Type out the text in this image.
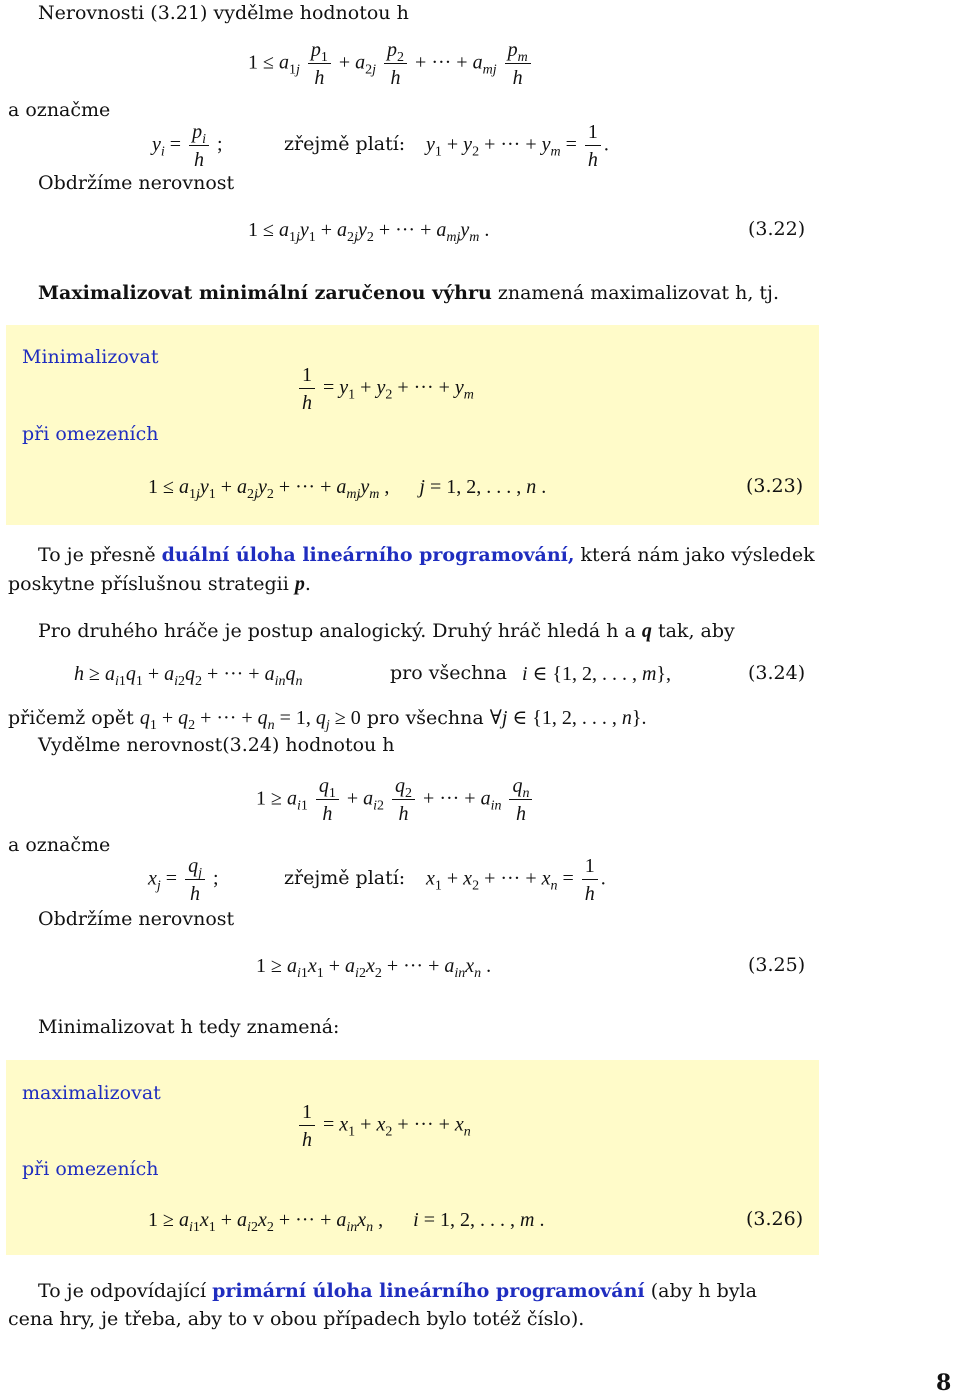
Nerovnosti (3.21) vydělme hodnotou h
$1 \le a_{1j} \frac{p_1}{h} + a_{2j} \frac{p_2}{h}$ + ··· + $a_{mj} \frac{p_m}{h}$
a označme
$y_i = \frac{p_i}{h}$ ;	zřejmě platí: $y_1 + y_2$ + ··· + $y_m = \frac{1}{h}$ .
Obdržíme nerovnost
$1 \le a_{1j}y_1 + a_{2j}y_2$ + ··· + $a_{mj}y_m$ .	(3.22)
Maximalizovat minimální zaručenou výhru znamená maximalizovat h, tj.
Minimalizovat
$\frac{1}{h} = y_1 + y_2$ + ··· + $y_m$
při omezeních
$1 \le a_{1j}y_1 + a_{2j}y_2$ + ··· + $a_{mj}y_m$ ,      j = 1, 2, . . . , n .	(3.23)
To je přesně duální úloha lineárního programování, která nám jako výsledek
poskytne příslušnou strategii p.
Pro druhého hráče je postup analogický. Druhý hráč hledá h a q tak, aby
$h \ge a_{i1}q_1 + a_{i2}q_2$ + ··· + $a_{in}q_n$	pro všechna i ∈ {1, 2, . . . , m},	(3.24)
přičemž opět $q_1 + q_2$ + ··· + $q_n = 1$, $q_j \ge 0$ pro všechna ∀j ∈ {1, 2, . . . , n}.
Vydělme nerovnost(3.24) hodnotou h
$1 \ge a_{i1} \frac{q_1}{h} + a_{i2} \frac{q_2}{h}$ + ··· + $a_{in} \frac{q_n}{h}$
a označme
$x_j = \frac{q_j}{h}$ ;	zřejmě platí: $x_1 + x_2$ + ··· + $x_n = \frac{1}{h}$ .
Obdržíme nerovnost
$1 \ge a_{i1}x_1 + a_{i2}x_2$ + ··· + $a_{in}x_n$ .	(3.25)
Minimalizovat h tedy znamená:
maximalizovat
$\frac{1}{h} = x_1 + x_2$ + ··· + $x_n$
při omezeních
$1 \ge a_{i1}x_1 + a_{i2}x_2$ + ··· + $a_{in}x_n$ ,      i = 1, 2, . . . , m .	(3.26)
To je odpovídající primární úloha lineárního programování (aby h byla
cena hry, je třeba, aby to v obou případech bylo totéž číslo).
8
